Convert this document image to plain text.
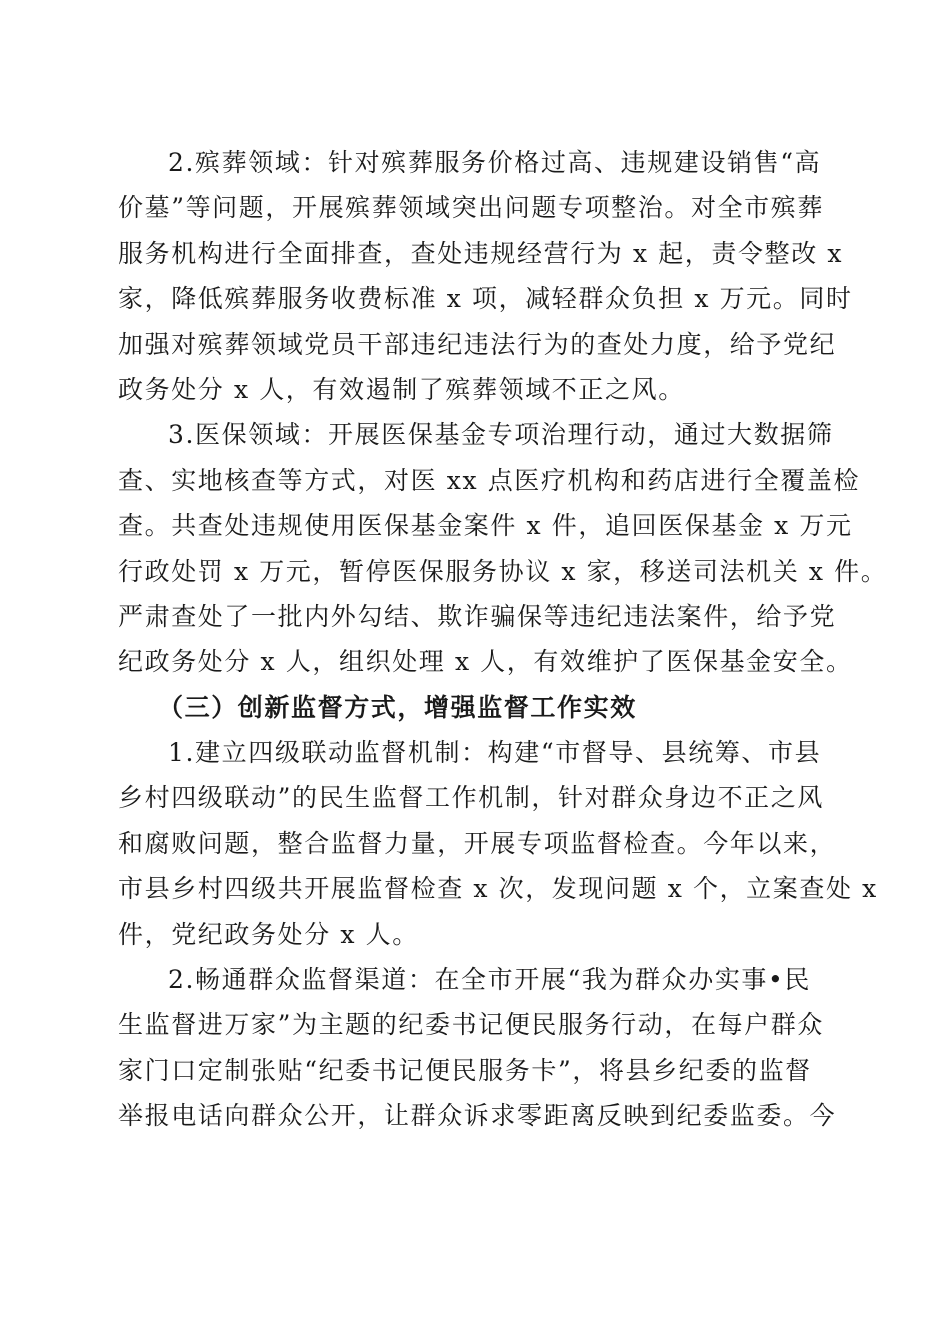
2.殡葬领域：针对殡葬服务价格过高、违规建设销售“高
价墓”等问题，开展殡葬领域突出问题专项整治。对全市殡葬
服务机构进行全面排查，查处违规经营行为 x 起，责令整改 x
家，降低殡葬服务收费标准 x 项，减轻群众负担 x 万元。同时
加强对殡葬领域党员干部违纪违法行为的查处力度，给予党纪
政务处分 x 人，有效遏制了殡葬领域不正之风。
3.医保领域：开展医保基金专项治理行动，通过大数据筛
查、实地核查等方式，对医 xx 点医疗机构和药店进行全覆盖检
查。共查处违规使用医保基金案件 x 件，追回医保基金 x 万元
行政处罚 x 万元，暂停医保服务协议 x 家，移送司法机关 x 件。
严肃查处了一批内外勾结、欺诈骗保等违纪违法案件，给予党
纪政务处分 x 人，组织处理 x 人，有效维护了医保基金安全。
（三）创新监督方式，增强监督工作实效
1.建立四级联动监督机制：构建“市督导、县统筹、市县
乡村四级联动”的民生监督工作机制，针对群众身边不正之风
和腐败问题，整合监督力量，开展专项监督检查。今年以来，
市县乡村四级共开展监督检查 x 次，发现问题 x 个，立案查处 x
件，党纪政务处分 x 人。
2.畅通群众监督渠道：在全市开展“我为群众办实事•民
生监督进万家”为主题的纪委书记便民服务行动，在每户群众
家门口定制张贴“纪委书记便民服务卡”，将县乡纪委的监督
举报电话向群众公开，让群众诉求零距离反映到纪委监委。今
